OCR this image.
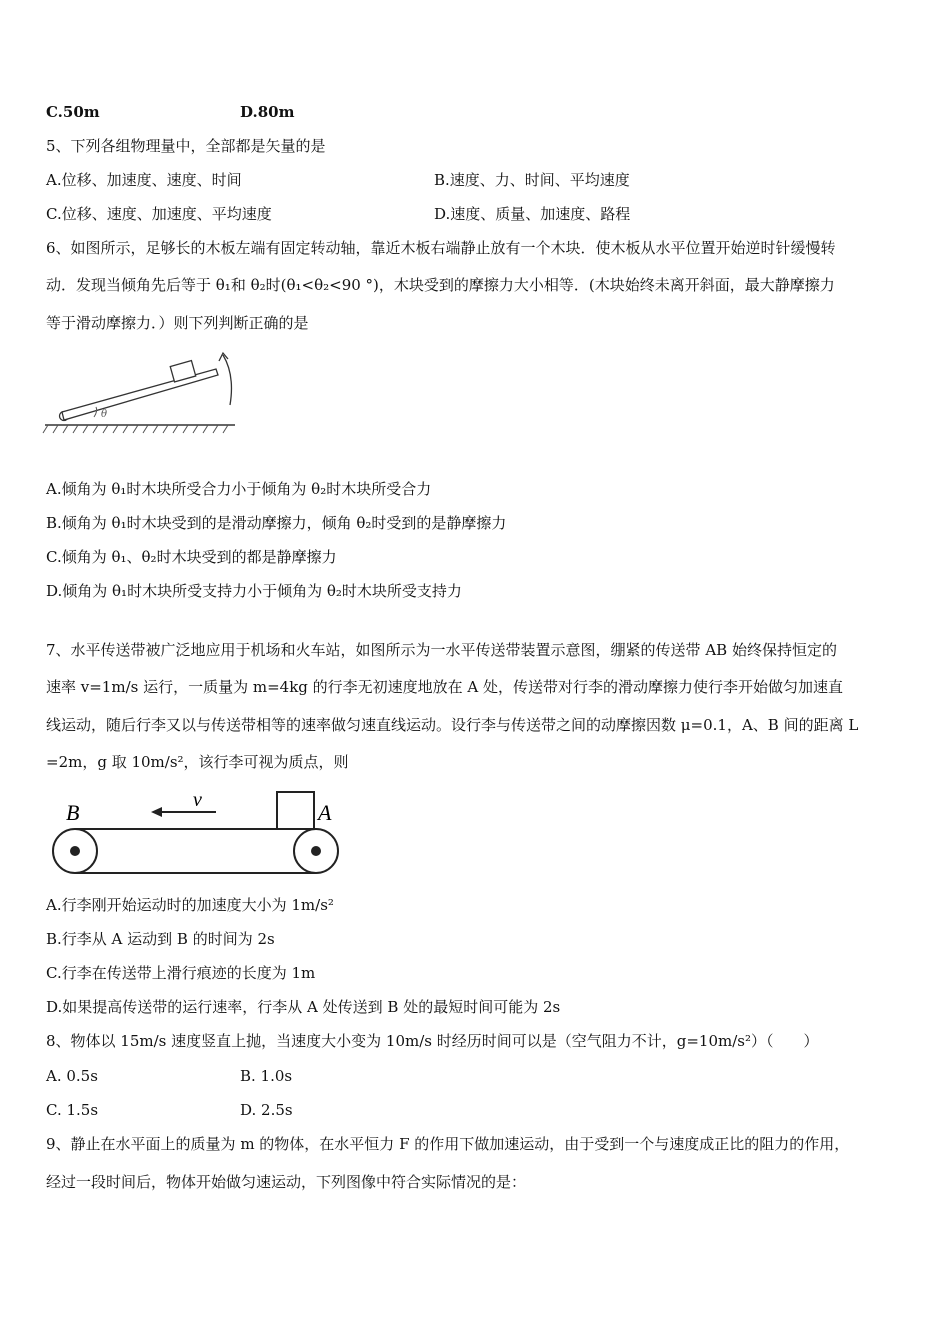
C.50m	D.80m
5、下列各组物理量中，全部都是矢量的是
A.位移、加速度、速度、时间	B.速度、力、时间、平均速度
C.位移、速度、加速度、平均速度	D.速度、质量、加速度、路程
6、如图所示，足够长的木板左端有固定转动轴，靠近木板右端静止放有一个木块．使木板从水平位置开始逆时针缓慢转
动．发现当倾角先后等于 θ₁和 θ₂时(θ₁<θ₂<90 °)，木块受到的摩擦力大小相等．(木块始终未离开斜面，最大静摩擦力
等于滑动摩擦力．）则下列判断正确的是
θ
A.倾角为 θ₁时木块所受合力小于倾角为 θ₂时木块所受合力
B.倾角为 θ₁时木块受到的是滑动摩擦力，倾角 θ₂时受到的是静摩擦力
C.倾角为 θ₁、θ₂时木块受到的都是静摩擦力
D.倾角为 θ₁时木块所受支持力小于倾角为 θ₂时木块所受支持力
7、水平传送带被广泛地应用于机场和火车站，如图所示为一水平传送带装置示意图，绷紧的传送带 AB 始终保持恒定的
速率 v=1m/s 运行，一质量为 m=4kg 的行李无初速度地放在 A 处，传送带对行李的滑动摩擦力使行李开始做匀加速直
线运动，随后行李又以与传送带相等的速率做匀速直线运动。设行李与传送带之间的动摩擦因数 μ=0.1，A、B 间的距离 L
=2m，g 取 10m/s²，该行李可视为质点，则
B	A
v
A.行李刚开始运动时的加速度大小为 1m/s²
B.行李从 A 运动到 B 的时间为 2s
C.行李在传送带上滑行痕迹的长度为 1m
D.如果提高传送带的运行速率，行李从 A 处传送到 B 处的最短时间可能为 2s
8、物体以 15m/s 速度竖直上抛，当速度大小变为 10m/s 时经历时间可以是（空气阻力不计，g=10m/s²）（　　）
A. 0.5s	B. 1.0s
C. 1.5s	D. 2.5s
9、静止在水平面上的质量为 m 的物体，在水平恒力 F 的作用下做加速运动，由于受到一个与速度成正比的阻力的作用，
经过一段时间后，物体开始做匀速运动，下列图像中符合实际情况的是：
